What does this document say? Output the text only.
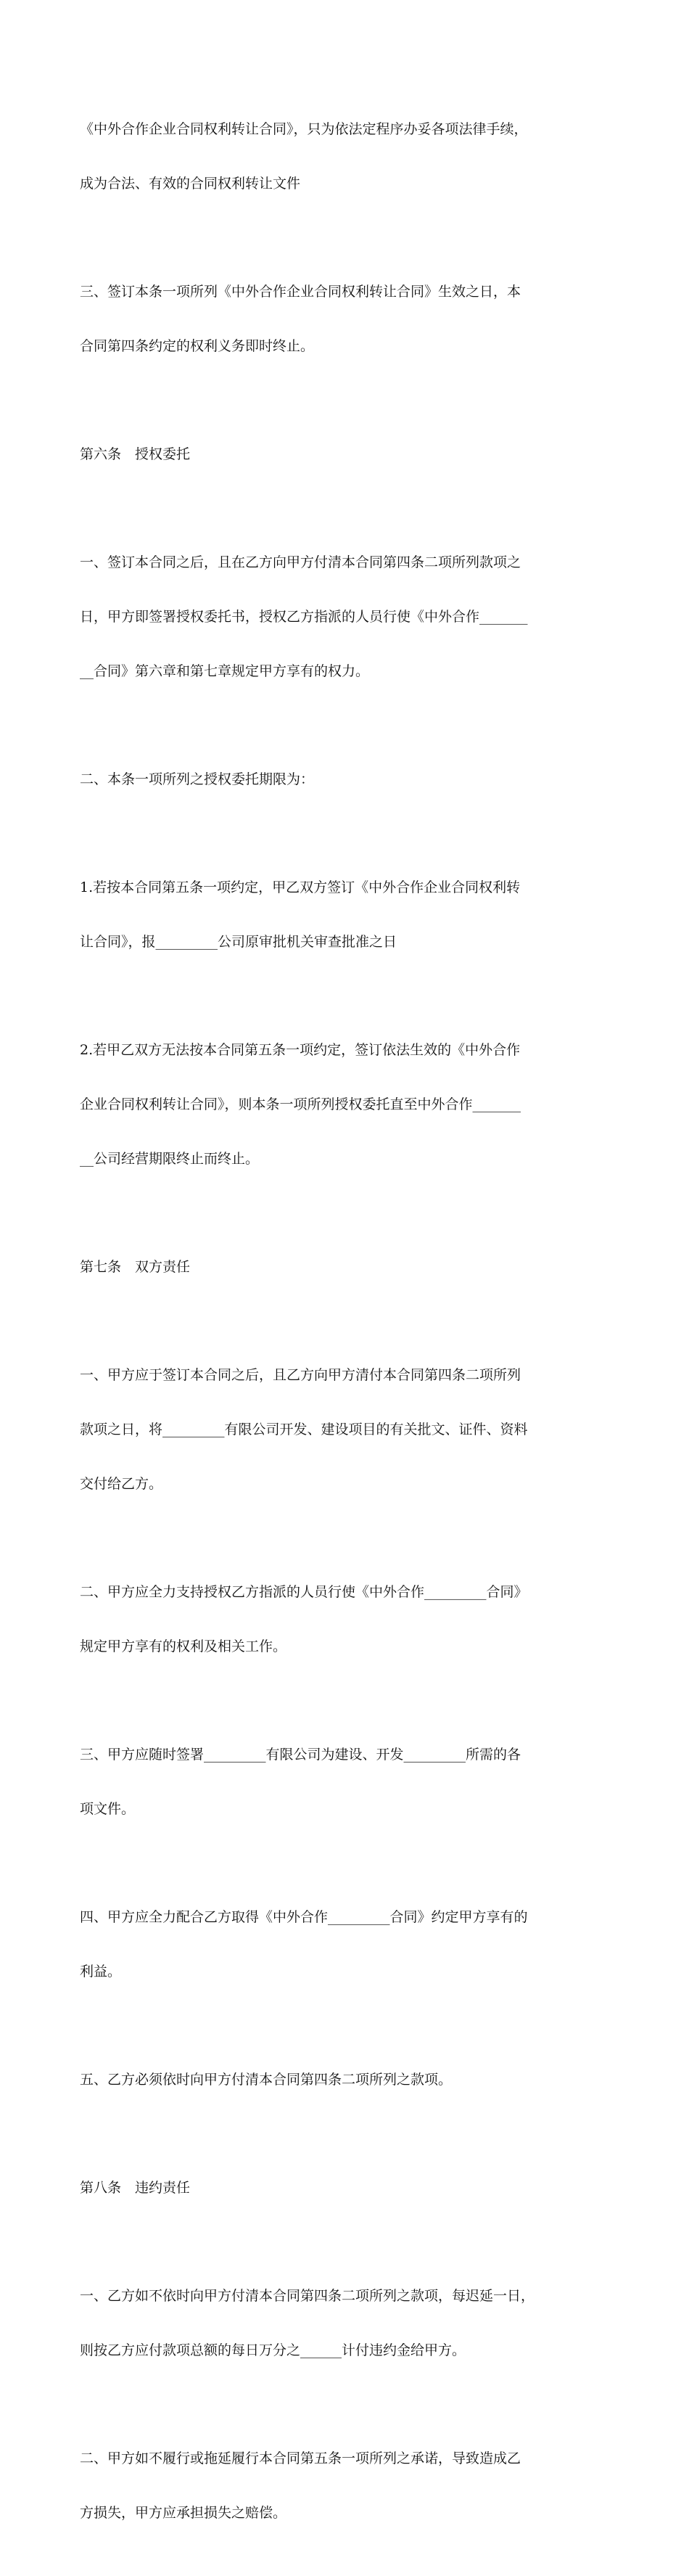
《中外合作企业合同权利转让合同》，只为依法定程序办妥各项法律手续，

成为合法、有效的合同权利转让文件

三、签订本条一项所列《中外合作企业合同权利转让合同》生效之日，本

合同第四条约定的权利义务即时终止。

第六条　授权委托

一、签订本合同之后，且在乙方向甲方付清本合同第四条二项所列款项之

日，甲方即签署授权委托书，授权乙方指派的人员行使《中外合作_______

__合同》第六章和第七章规定甲方享有的权力。

二、本条一项所列之授权委托期限为：

1.若按本合同第五条一项约定，甲乙双方签订《中外合作企业合同权利转

让合同》，报_________公司原审批机关审查批准之日

2.若甲乙双方无法按本合同第五条一项约定，签订依法生效的《中外合作

企业合同权利转让合同》，则本条一项所列授权委托直至中外合作_______

__公司经营期限终止而终止。

第七条　双方责任

一、甲方应于签订本合同之后，且乙方向甲方清付本合同第四条二项所列

款项之日，将_________有限公司开发、建设项目的有关批文、证件、资料

交付给乙方。

二、甲方应全力支持授权乙方指派的人员行使《中外合作_________合同》

规定甲方享有的权利及相关工作。

三、甲方应随时签署_________有限公司为建设、开发_________所需的各

项文件。

四、甲方应全力配合乙方取得《中外合作_________合同》约定甲方享有的

利益。

五、乙方必须依时向甲方付清本合同第四条二项所列之款项。

第八条　违约责任

一、乙方如不依时向甲方付清本合同第四条二项所列之款项，每迟延一日，

则按乙方应付款项总额的每日万分之______计付违约金给甲方。

二、甲方如不履行或拖延履行本合同第五条一项所列之承诺，导致造成乙

方损失，甲方应承担损失之赔偿。
